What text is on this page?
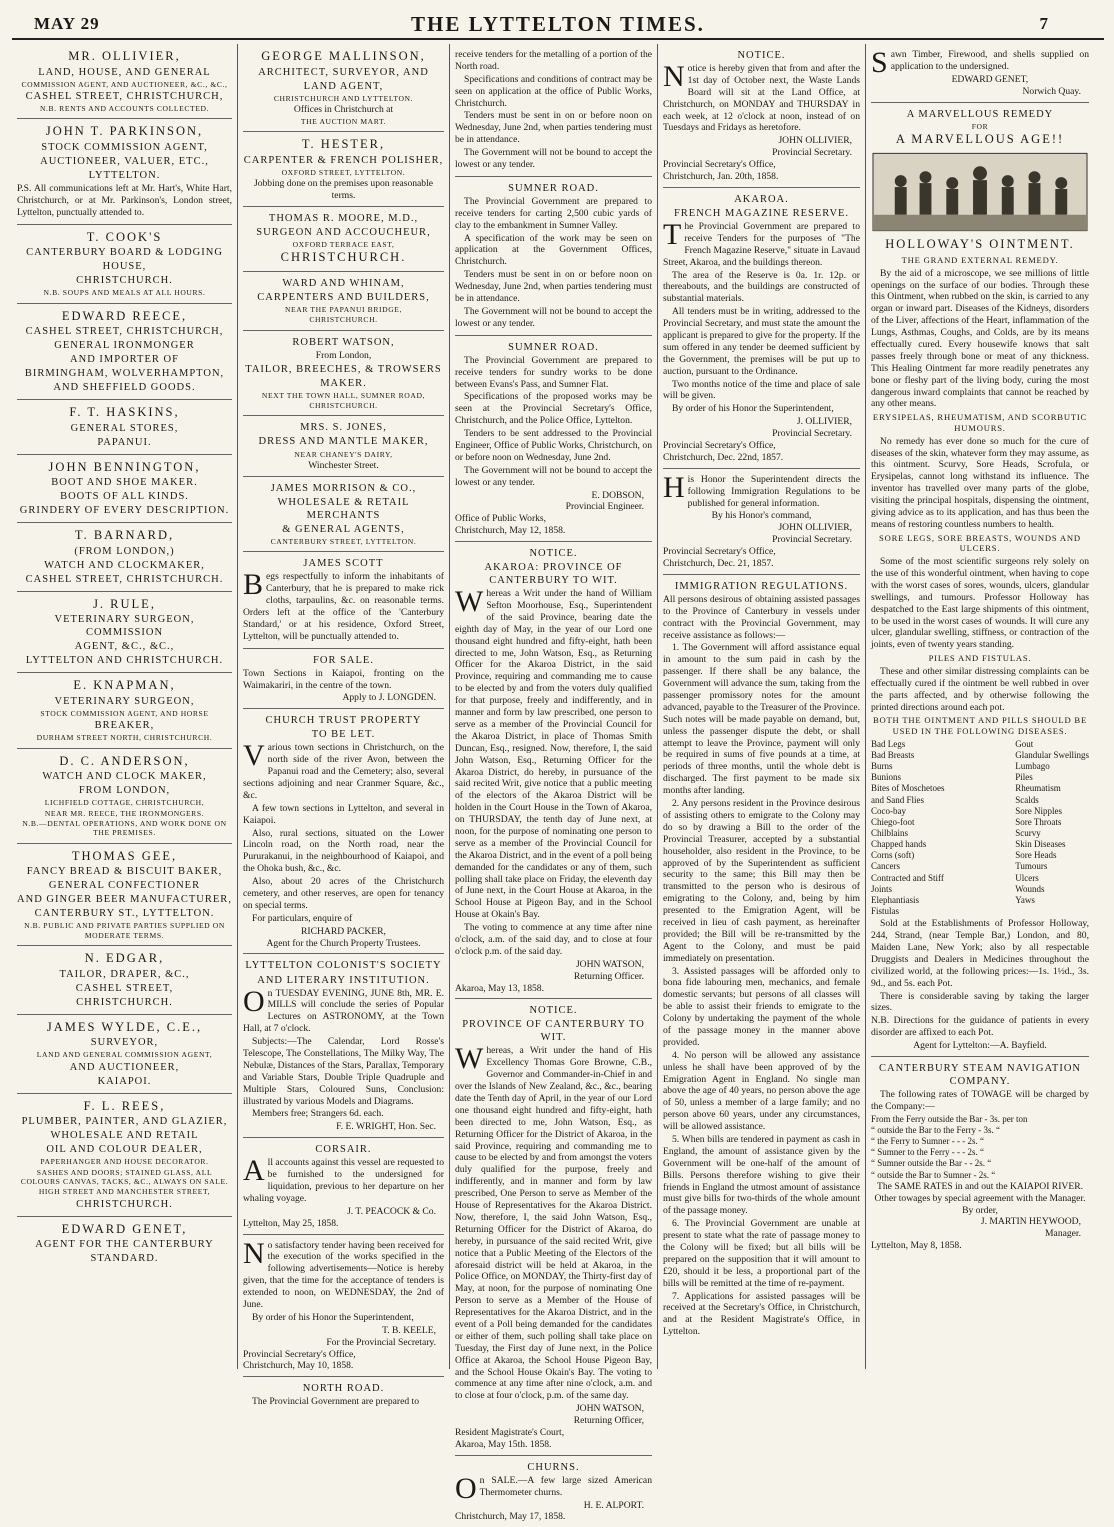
MAY 29	THE LYTTELTON TIMES.	7
MR. OLLIVIER,
LAND, HOUSE, AND GENERAL
COMMISSION AGENT, AND AUCTIONEER, &C., &C.,
CASHEL STREET, CHRISTCHURCH,
N.B. RENTS AND ACCOUNTS COLLECTED.
JOHN T. PARKINSON,
STOCK COMMISSION AGENT,
AUCTIONEER, VALUER, ETC.,
LYTTELTON.
P.S. All communications left at Mr. Hart's, White Hart, Christchurch, or at Mr. Parkinson's, London street, Lyttelton, punctually attended to.
T. COOK'S
CANTERBURY BOARD & LODGING
HOUSE,
CHRISTCHURCH.
N.B. SOUPS AND MEALS AT ALL HOURS.
EDWARD REECE,
CASHEL STREET, CHRISTCHURCH,
GENERAL IRONMONGER
AND IMPORTER OF
BIRMINGHAM, WOLVERHAMPTON,
AND SHEFFIELD GOODS.
F. T. HASKINS,
GENERAL STORES,
PAPANUI.
JOHN BENNINGTON,
BOOT AND SHOE MAKER.
BOOTS OF ALL KINDS.
GRINDERY OF EVERY DESCRIPTION.
T. BARNARD,
(FROM LONDON,)
WATCH AND CLOCKMAKER,
CASHEL STREET, CHRISTCHURCH.
J. RULE,
VETERINARY SURGEON, COMMISSION
AGENT, &C., &C.,
LYTTELTON AND CHRISTCHURCH.
E. KNAPMAN,
VETERINARY SURGEON,
STOCK COMMISSION AGENT, AND HORSE
BREAKER,
DURHAM STREET NORTH, CHRISTCHURCH.
D. C. ANDERSON,
WATCH AND CLOCK MAKER,
FROM LONDON,
LICHFIELD COTTAGE, CHRISTCHURCH,
NEAR MR. REECE, THE IRONMONGERS.
N.B.—DENTAL OPERATIONS, AND WORK DONE ON THE PREMISES.
THOMAS GEE,
FANCY BREAD & BISCUIT BAKER,
GENERAL CONFECTIONER
AND GINGER BEER MANUFACTURER,
CANTERBURY ST., LYTTELTON.
N.B. PUBLIC AND PRIVATE PARTIES SUPPLIED ON MODERATE TERMS.
N. EDGAR,
TAILOR, DRAPER, &C.,
CASHEL STREET,
CHRISTCHURCH.
JAMES WYLDE, C.E.,
SURVEYOR,
LAND AND GENERAL COMMISSION AGENT,
AND AUCTIONEER,
KAIAPOI.
F. L. REES,
PLUMBER, PAINTER, AND GLAZIER,
WHOLESALE AND RETAIL
OIL AND COLOUR DEALER,
PAPERHANGER AND HOUSE DECORATOR.
SASHES AND DOORS; STAINED GLASS, ALL COLOURS CANVAS, TACKS, &C., ALWAYS ON SALE.
HIGH STREET AND MANCHESTER STREET,
CHRISTCHURCH.
EDWARD GENET,
AGENT FOR THE CANTERBURY
STANDARD.
GEORGE MALLINSON,
ARCHITECT, SURVEYOR, AND
LAND AGENT,
CHRISTCHURCH AND LYTTELTON.
Offices in Christchurch at
THE AUCTION MART.
T. HESTER,
CARPENTER & FRENCH POLISHER,
OXFORD STREET, LYTTELTON.
Jobbing done on the premises upon reasonable terms.
THOMAS R. MOORE, M.D.,
SURGEON AND ACCOUCHEUR,
OXFORD TERRACE EAST,
CHRISTCHURCH.
WARD AND WHINAM,
CARPENTERS AND BUILDERS,
NEAR THE PAPANUI BRIDGE,
CHRISTCHURCH.
ROBERT WATSON,
From London,
TAILOR, BREECHES, & TROWSERS
MAKER.
NEXT THE TOWN HALL, SUMNER ROAD,
CHRISTCHURCH.
MRS. S. JONES,
DRESS AND MANTLE MAKER,
NEAR CHANEY'S DAIRY,
Winchester Street.
JAMES MORRISON & CO.,
WHOLESALE & RETAIL MERCHANTS
& GENERAL AGENTS,
CANTERBURY STREET, LYTTELTON.
JAMES SCOTT
Begs respectfully to inform the inhabitants of Canterbury, that he is prepared to make rick cloths, tarpaulins, &c. on reasonable terms. Orders left at the office of the 'Canterbury Standard,' or at his residence, Oxford Street, Lyttelton, will be punctually attended to.
FOR SALE.
Town Sections in Kaiapoi, fronting on the Waimakariri, in the centre of the town.
Apply to J. LONGDEN.
CHURCH TRUST PROPERTY
TO BE LET.
Various town sections in Christchurch, on the north side of the river Avon, between the Papanui road and the Cemetery; also, several sections adjoining and near Cranmer Square, &c., &c.
A few town sections in Lyttelton, and several in Kaiapoi.
Also, rural sections, situated on the Lower Lincoln road, on the North road, near the Pururakanui, in the neighbourhood of Kaiapoi, and the Ohoka bush, &c., &c.
Also, about 20 acres of the Christchurch cemetery, and other reserves, are open for tenancy on special terms.
For particulars, enquire of
RICHARD PACKER,
Agent for the Church Property Trustees.
LYTTELTON COLONIST'S SOCIETY
AND LITERARY INSTITUTION.
On TUESDAY EVENING, JUNE 8th, MR. E. MILLS will conclude the series of Popular Lectures on ASTRONOMY, at the Town Hall, at 7 o'clock.
Subjects:—The Calendar, Lord Rosse's Telescope, The Constellations, The Milky Way, The Nebulæ, Distances of the Stars, Parallax, Temporary and Variable Stars, Double Triple Quadruple and Multiple Stars, Coloured Suns, Conclusion: illustrated by various Models and Diagrams.
Members free; Strangers 6d. each.
F. E. WRIGHT, Hon. Sec.
CORSAIR.
All accounts against this vessel are requested to be furnished to the undersigned for liquidation, previous to her departure on her whaling voyage.
J. T. PEACOCK & Co.
Lyttelton, May 25, 1858.
No satisfactory tender having been received for the execution of the works specified in the following advertisements—Notice is hereby given, that the time for the acceptance of tenders is extended to noon, on WEDNESDAY, the 2nd of June.
By order of his Honor the Superintendent,
T. B. KEELE,
For the Provincial Secretary.
Provincial Secretary's Office,
Christchurch, May 10, 1858.
NORTH ROAD.
The Provincial Government are prepared to
receive tenders for the metalling of a portion of the North road.
Specifications and conditions of contract may be seen on application at the office of Public Works, Christchurch.
Tenders must be sent in on or before noon on Wednesday, June 2nd, when parties tendering must be in attendance.
The Government will not be bound to accept the lowest or any tender.
SUMNER ROAD.
The Provincial Government are prepared to receive tenders for carting 2,500 cubic yards of clay to the embankment in Sumner Valley.
A specification of the work may be seen on application at the Government Offices, Christchurch.
Tenders must be sent in on or before noon on Wednesday, June 2nd, when parties tendering must be in attendance.
The Government will not be bound to accept the lowest or any tender.
SUMNER ROAD.
The Provincial Government are prepared to receive tenders for sundry works to be done between Evans's Pass, and Sumner Flat.
Specifications of the proposed works may be seen at the Provincial Secretary's Office, Christchurch, and the Police Office, Lyttelton.
Tenders to be sent addressed to the Provincial Engineer, Office of Public Works, Christchurch, on or before noon on Wednesday, June 2nd.
The Government will not be bound to accept the lowest or any tender.
E. DOBSON,
Provincial Engineer.
Office of Public Works,
Christchurch, May 12, 1858.
NOTICE.
AKAROA: PROVINCE OF CANTERBURY TO WIT.
Whereas a Writ under the hand of William Sefton Moorhouse, Esq., Superintendent of the said Province, bearing date the eighth day of May, in the year of our Lord one thousand eight hundred and fifty-eight, hath been directed to me, John Watson, Esq., as Returning Officer for the Akaroa District, in the said Province, requiring and commanding me to cause to be elected by and from the voters duly qualified for that purpose, freely and indifferently, and in manner and form by law prescribed, one person to serve as a member of the Provincial Council for the Akaroa District, in place of Thomas Smith Duncan, Esq., resigned. Now, therefore, I, the said John Watson, Esq., Returning Officer for the Akaroa District, do hereby, in pursuance of the said recited Writ, give notice that a public meeting of the electors of the Akaroa District will be holden in the Court House in the Town of Akaroa, on THURSDAY, the tenth day of June next, at noon, for the purpose of nominating one person to serve as a member of the Provincial Council for the Akaroa District, and in the event of a poll being demanded for the candidates or any of them, such polling shall take place on Friday, the eleventh day of June next, in the Court House at Akaroa, in the School House at Pigeon Bay, and in the School House at Okain's Bay.
The voting to commence at any time after nine o'clock, a.m. of the said day, and to close at four o'clock p.m. of the said day.
JOHN WATSON,
Returning Officer.
Akaroa, May 13, 1858.
NOTICE.
PROVINCE OF CANTERBURY TO WIT.
Whereas, a Writ under the hand of His Excellency Thomas Gore Browne, C.B., Governor and Commander-in-Chief in and over the Islands of New Zealand, &c., &c., bearing date the Tenth day of April, in the year of our Lord one thousand eight hundred and fifty-eight, hath been directed to me, John Watson, Esq., as Returning Officer for the District of Akaroa, in the said Province, requiring and commanding me to cause to be elected by and from amongst the voters duly qualified for the purpose, freely and indifferently, and in manner and form by law prescribed, One Person to serve as Member of the House of Representatives for the Akaroa District. Now, therefore, I, the said John Watson, Esq., Returning Officer for the District of Akaroa, do hereby, in pursuance of the said recited Writ, give notice that a Public Meeting of the Electors of the aforesaid district will be held at Akaroa, in the Police Office, on MONDAY, the Thirty-first day of May, at noon, for the purpose of nominating One Person to serve as a Member of the House of Representatives for the Akaroa District, and in the event of a Poll being demanded for the candidates or either of them, such polling shall take place on Tuesday, the First day of June next, in the Police Office at Akaroa, the School House Pigeon Bay, and the School House Okain's Bay. The voting to commence at any time after nine o'clock, a.m. and to close at four o'clock, p.m. of the same day.
JOHN WATSON,
Returning Officer,
Resident Magistrate's Court,
Akaroa, May 15th. 1858.
CHURNS.
On SALE.—A few large sized American Thermometer churns.
H. E. ALPORT.
Christchurch, May 17, 1858.
NOTICE.
Notice is hereby given that from and after the 1st day of October next, the Waste Lands Board will sit at the Land Office, at Christchurch, on MONDAY and THURSDAY in each week, at 12 o'clock at noon, instead of on Tuesdays and Fridays as heretofore.
JOHN OLLIVIER,
Provincial Secretary.
Provincial Secretary's Office,
Christchurch, Jan. 20th, 1858.
AKAROA.
FRENCH MAGAZINE RESERVE.
The Provincial Government are prepared to receive Tenders for the purposes of "The French Magazine Reserve," situate in Lavaud Street, Akaroa, and the buildings thereon.
The area of the Reserve is 0a. 1r. 12p. or thereabouts, and the buildings are constructed of substantial materials.
All tenders must be in writing, addressed to the Provincial Secretary, and must state the amount the applicant is prepared to give for the property. If the sum offered in any tender be deemed sufficient by the Government, the premises will be put up to auction, pursuant to the Ordinance.
Two months notice of the time and place of sale will be given.
By order of his Honor the Superintendent,
J. OLLIVIER,
Provincial Secretary.
Provincial Secretary's Office,
Christchurch, Dec. 22nd, 1857.
His Honor the Superintendent directs the following Immigration Regulations to be published for general information.
By his Honor's command,
JOHN OLLIVIER,
Provincial Secretary.
Provincial Secretary's Office,
Christchurch, Dec. 21, 1857.
IMMIGRATION REGULATIONS.
All persons desirous of obtaining assisted passages to the Province of Canterbury in vessels under contract with the Provincial Government, may receive assistance as follows:—
1. The Government will afford assistance equal in amount to the sum paid in cash by the passenger. If there shall be any balance, the Government will advance the sum, taking from the passenger promissory notes for the amount advanced, payable to the Treasurer of the Province. Such notes will be made payable on demand, but, unless the passenger dispute the debt, or shall attempt to leave the Province, payment will only be required in sums of five pounds at a time, at periods of three months, until the whole debt is discharged. The first payment to be made six months after landing.
2. Any persons resident in the Province desirous of assisting others to emigrate to the Colony may do so by drawing a Bill to the order of the Provincial Treasurer, accepted by a substantial householder, also resident in the Province, to be approved of by the Superintendent as sufficient security to the same; this Bill may then be transmitted to the person who is desirous of emigrating to the Colony, and, being by him presented to the Emigration Agent, will be received in lieu of cash payment, as hereinafter provided; the Bill will be re-transmitted by the Agent to the Colony, and must be paid immediately on presentation.
3. Assisted passages will be afforded only to bona fide labouring men, mechanics, and female domestic servants; but persons of all classes will be able to assist their friends to emigrate to the Colony by undertaking the payment of the whole of the passage money in the manner above provided.
4. No person will be allowed any assistance unless he shall have been approved of by the Emigration Agent in England. No single man above the age of 40 years, no person above the age of 50, unless a member of a large family; and no person above 60 years, under any circumstances, will be allowed assistance.
5. When bills are tendered in payment as cash in England, the amount of assistance given by the Government will be one-half of the amount of Bills. Persons therefore wishing to give their friends in England the utmost amount of assistance must give bills for two-thirds of the whole amount of the passage money.
6. The Provincial Government are unable at present to state what the rate of passage money to the Colony will be fixed; but all bills will be prepared on the supposition that it will amount to £20, should it be less, a proportional part of the bills will be remitted at the time of re-payment.
7. Applications for assisted passages will be received at the Secretary's Office, in Christchurch, and at the Resident Magistrate's Office, in Lyttelton.
Sawn Timber, Firewood, and shells supplied on application to the undersigned.
EDWARD GENET,
Norwich Quay.
A MARVELLOUS REMEDY
FOR
A MARVELLOUS AGE!!
HOLLOWAY'S OINTMENT.
THE GRAND EXTERNAL REMEDY.
By the aid of a microscope, we see millions of little openings on the surface of our bodies. Through these this Ointment, when rubbed on the skin, is carried to any organ or inward part. Diseases of the Kidneys, disorders of the Liver, affections of the Heart, inflammation of the Lungs, Asthmas, Coughs, and Colds, are by its means effectually cured. Every housewife knows that salt passes freely through bone or meat of any thickness. This Healing Ointment far more readily penetrates any bone or fleshy part of the living body, curing the most dangerous inward complaints that cannot be reached by any other means.
ERYSIPELAS, RHEUMATISM, AND SCORBUTIC HUMOURS.
No remedy has ever done so much for the cure of diseases of the skin, whatever form they may assume, as this ointment. Scurvy, Sore Heads, Scrofula, or Erysipelas, cannot long withstand its influence. The inventor has travelled over many parts of the globe, visiting the principal hospitals, dispensing the ointment, giving advice as to its application, and has thus been the means of restoring countless numbers to health.
SORE LEGS, SORE BREASTS, WOUNDS AND ULCERS.
Some of the most scientific surgeons rely solely on the use of this wonderful ointment, when having to cope with the worst cases of sores, wounds, ulcers, glandular swellings, and tumours. Professor Holloway has despatched to the East large shipments of this ointment, to be used in the worst cases of wounds. It will cure any ulcer, glandular swelling, stiffness, or contraction of the joints, even of twenty years standing.
PILES AND FISTULAS.
These and other similar distressing complaints can be effectually cured if the ointment be well rubbed in over the parts affected, and by otherwise following the printed directions around each pot.
BOTH THE OINTMENT AND PILLS SHOULD BE USED IN THE FOLLOWING DISEASES.
Bad Legs
Bad Breasts
Burns
Bunions
Bites of Moschetoes
and Sand Flies
Coco-bay
Chiego-foot
Chilblains
Chapped hands
Corns (soft)
Cancers
Contracted and Stiff
Joints
Elephantiasis
Fistulas
Gout
Glandular Swellings
Lumbago
Piles
Rheumatism
Scalds
Sore Nipples
Sore Throats
Scurvy
Skin Diseases
Sore Heads
Tumours
Ulcers
Wounds
Yaws
Sold at the Establishments of Professor Holloway, 244, Strand, (near Temple Bar,) London, and 80, Maiden Lane, New York; also by all respectable Druggists and Dealers in Medicines throughout the civilized world, at the following prices:—1s. 1½d., 3s. 9d., and 5s. each Pot.
There is considerable saving by taking the larger sizes.
N.B. Directions for the guidance of patients in every disorder are affixed to each Pot.
Agent for Lyttelton:—A. Bayfield.
CANTERBURY STEAM NAVIGATION COMPANY.
The following rates of TOWAGE will be charged by the Company:—
From the Ferry outside the Bar - 3s. per ton
“ outside the Bar to the Ferry - 3s. “
“ the Ferry to Sumner - - - 2s. “
“ Sumner to the Ferry - - - 2s. “
“ Sumner outside the Bar - - 2s. “
“ outside the Bar to Sumner - 2s. “
The SAME RATES in and out the KAIAPOI RIVER.
Other towages by special agreement with the Manager.
By order,
J. MARTIN HEYWOOD,
Manager.
Lyttelton, May 8, 1858.
